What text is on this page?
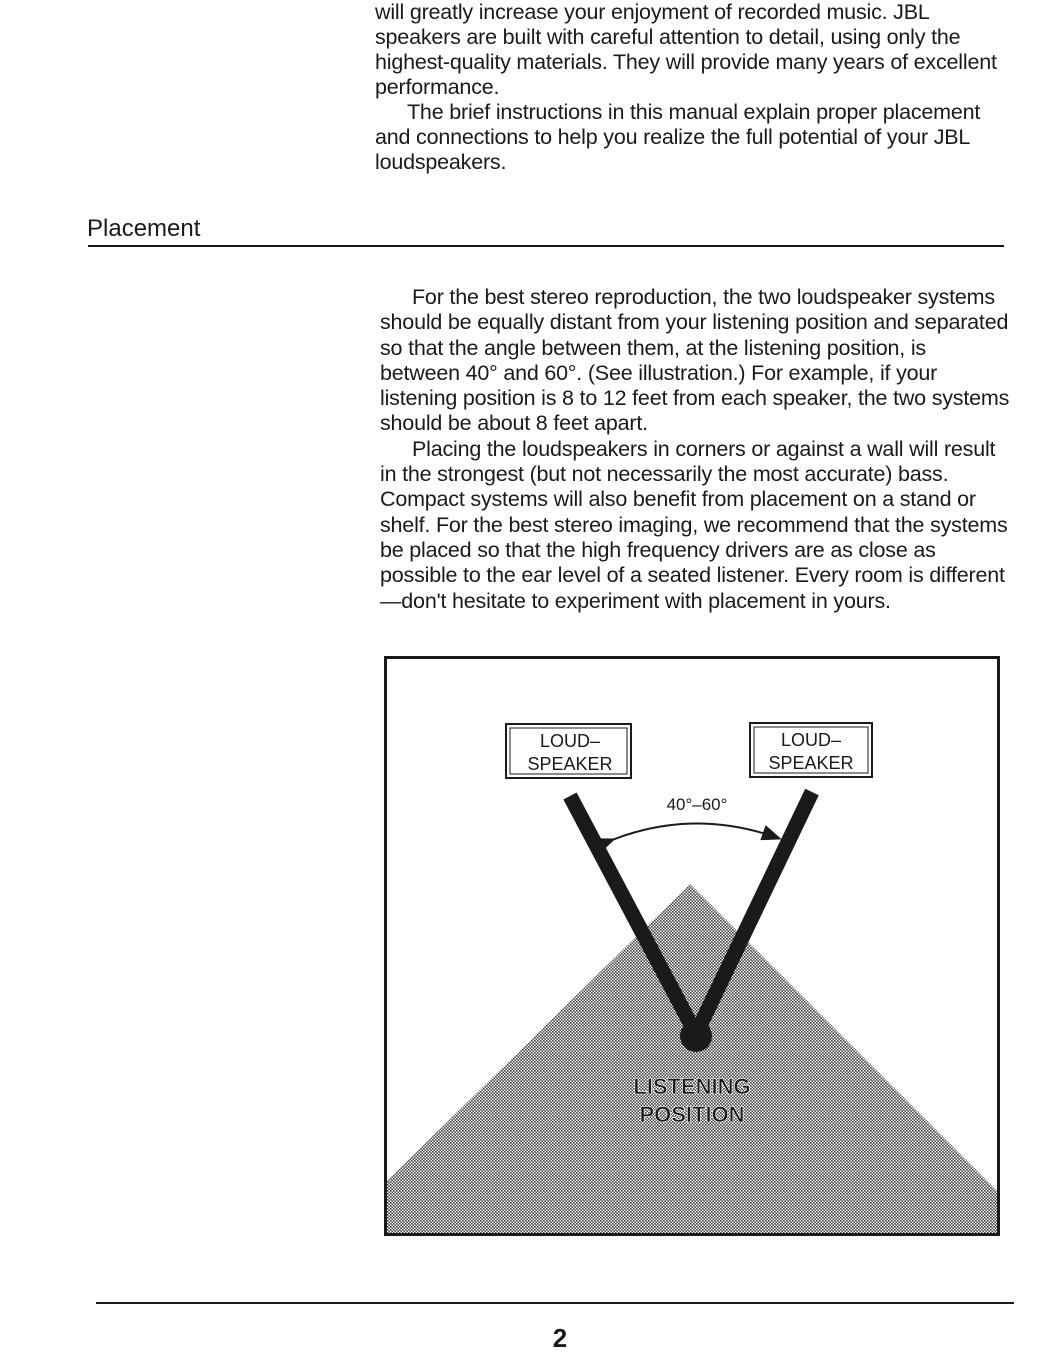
will greatly increase your enjoyment of recorded music. JBL speakers are built with careful attention to detail, using only the highest-quality materials. They will provide many years of excellent performance.

The brief instructions in this manual explain proper placement and connections to help you realize the full potential of your JBL loudspeakers.

Placement

For the best stereo reproduction, the two loudspeaker systems should be equally distant from your listening position and separated so that the angle between them, at the listening position, is between 40° and 60°. (See illustration.) For example, if your listening position is 8 to 12 feet from each speaker, the two systems should be about 8 feet apart.

Placing the loudspeakers in corners or against a wall will result in the strongest (but not necessarily the most accurate) bass. Compact systems will also benefit from placement on a stand or shelf. For the best stereo imaging, we recommend that the systems be placed so that the high frequency drivers are as close as possible to the ear level of a seated listener. Every room is different—don't hesitate to experiment with placement in yours.

40°–60°
LOUD–
SPEAKER
LOUD–
SPEAKER
LISTENING
POSITION
2
